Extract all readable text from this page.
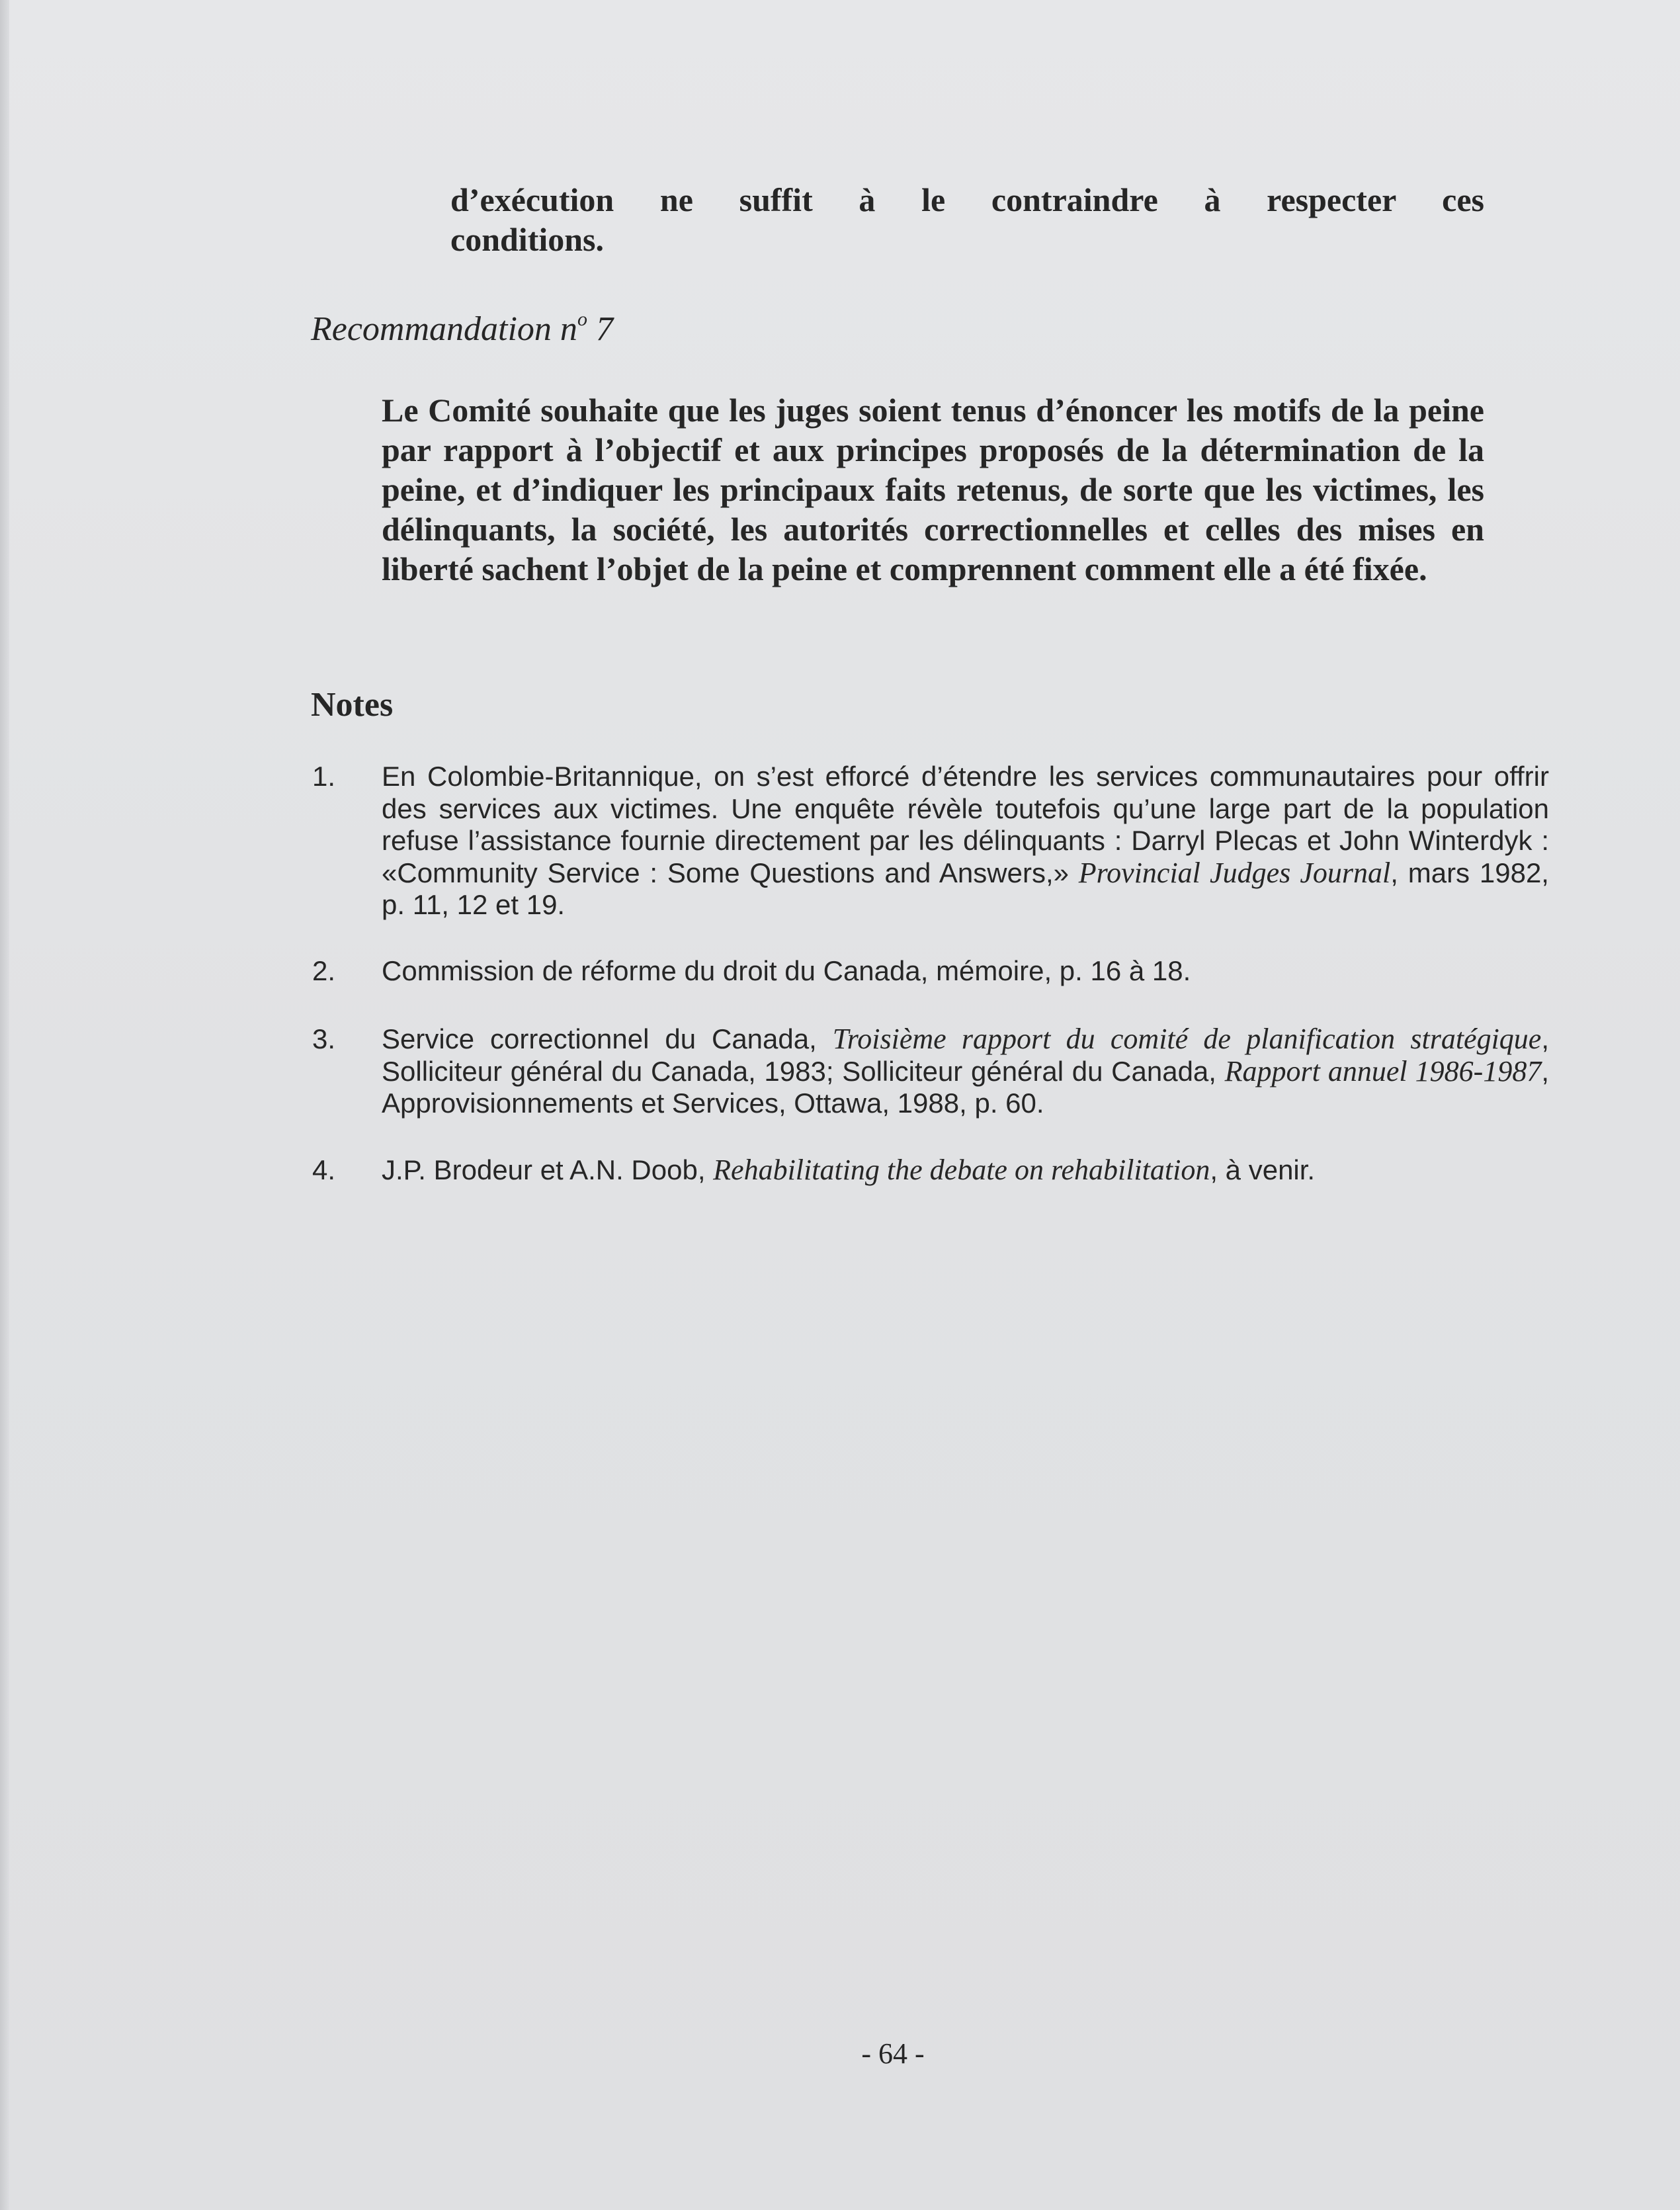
d’exécution ne suffit à le contraindre à respecter ces

conditions.

Recommandation $n^o$ 7

Le Comité souhaite que les juges soient tenus d’énoncer les motifs de la peine par rapport à l’objectif et aux principes proposés de la détermination de la peine, et d’indiquer les principaux faits retenus, de sorte que les victimes, les délinquants, la société, les autorités correctionnelles et celles des mises en liberté sachent l’objet de la peine et comprennent comment elle a été fixée.

Notes

1. En Colombie-Britannique, on s’est efforcé d’étendre les services communautaires pour offrir des services aux victimes. Une enquête révèle toutefois qu’une large part de la population refuse l’assistance fournie directement par les délinquants : Darryl Plecas et John Winterdyk : «Community Service : Some Questions and Answers,» Provincial Judges Journal, mars 1982, p. 11, 12 et 19.

2. Commission de réforme du droit du Canada, mémoire, p. 16 à 18.

3. Service correctionnel du Canada, Troisième rapport du comité de planification stratégique, Solliciteur général du Canada, 1983; Solliciteur général du Canada, Rapport annuel 1986-1987, Approvisionnements et Services, Ottawa, 1988, p. 60.

4. J.P. Brodeur et A.N. Doob, Rehabilitating the debate on rehabilitation, à venir.

- 64 -
